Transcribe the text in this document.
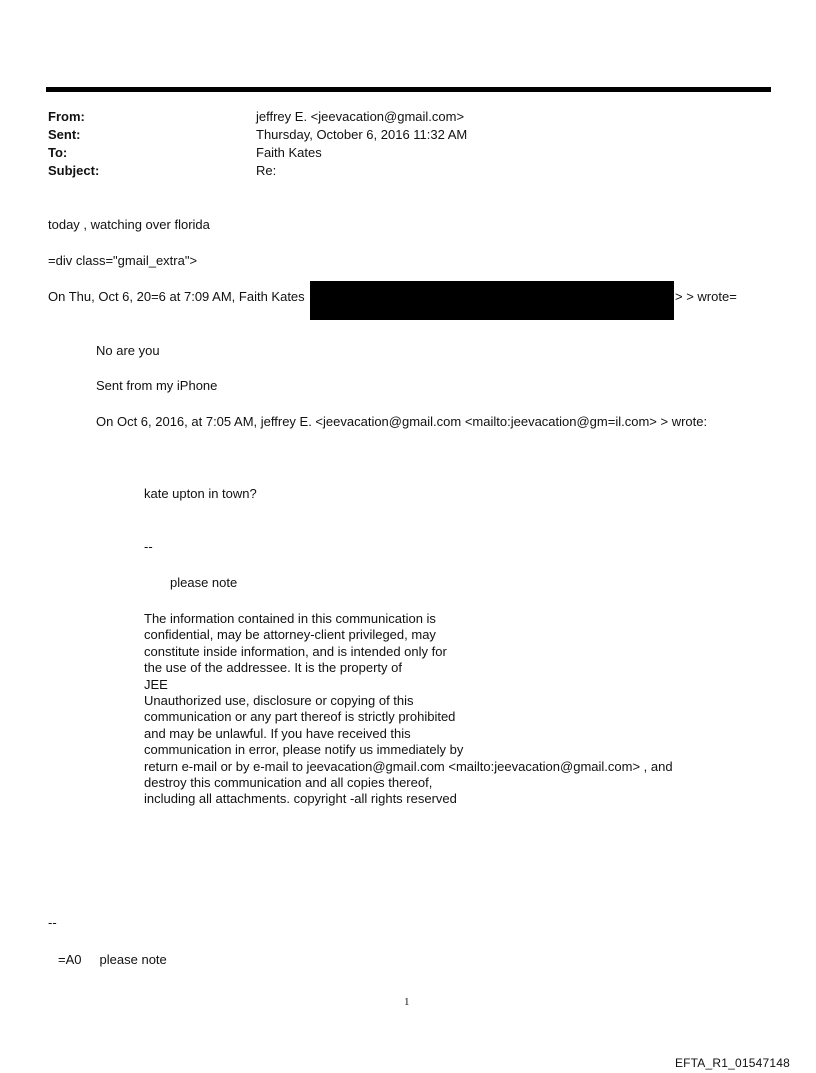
From:	jeffrey E. <jeevacation@gmail.com>
Sent:	Thursday, October 6, 2016 11:32 AM
To:	Faith Kates
Subject:	Re:
today , watching over florida
=div class="gmail_extra">
On Thu, Oct 6, 20=6 at 7:09 AM, Faith Kates	> > wrote=
No are you
Sent from my iPhone
On Oct 6, 2016, at 7:05 AM, jeffrey E. <jeevacation@gmail.com <mailto:jeevacation@gm=il.com> > wrote:
kate upton in town?
--
please note
The information contained in this communication is
confidential, may be attorney-client privileged, may
constitute inside information, and is intended only for
the use of the addressee. It is the property of
JEE
Unauthorized use, disclosure or copying of this
communication or any part thereof is strictly prohibited
and may be unlawful. If you have received this
communication in error, please notify us immediately by
return e-mail or by e-mail to jeevacation@gmail.com <mailto:jeevacation@gmail.com> , and
destroy this communication and all copies thereof,
including all attachments. copyright -all rights reserved
--
=A0     please note
1
EFTA_R1_01547148
